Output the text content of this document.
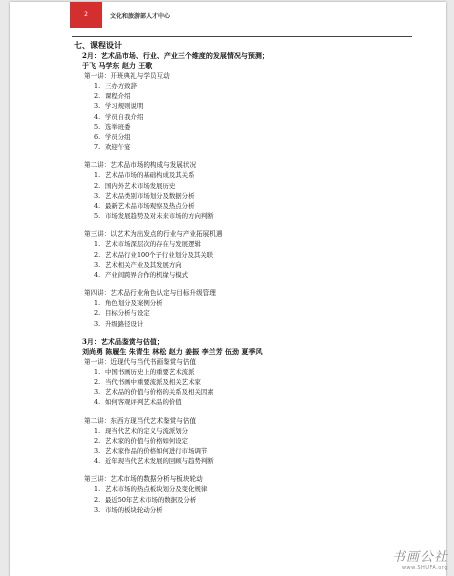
2	文化和旅游部人才中心

七、课程设计

2月：艺术品市场、行业、产业三个维度的发展情况与预测；

于飞 马学东 赵力 王歌

第一讲：开班典礼与学员互动

1. 三办方致辞
2. 课程介绍
3. 学习规则说明
4. 学员自我介绍
5. 选举班委
6. 学员分组
7. 欢迎午宴

第二讲：艺术品市场的构成与发展状况

1. 艺术品市场的基础构成及其关系
2. 国内外艺术市场发展历史
3. 艺术品类别市场划分及数据分析
4. 最新艺术品市场观察及热点分析
5. 市场发展趋势及对未来市场的方向判断

第三讲：以艺术为出发点的行业与产业拓展机遇

1. 艺术市场深层次的存在与发展逻辑
2. 艺术品行业100个子行业划分及其关联
3. 艺术相关产业及其发展方向
4. 产业间跨界合作的机缘与模式

第四讲：艺术品行业角色认定与目标升级管理

1. 角色划分及案例分析
2. 目标分析与设定
3. 升级路径设计

3月：艺术品鉴赏与估值；

刘尚勇 陈履生 朱青生 林松 赵力 姜振 李兰芳 伍劲 夏季风

第一讲：近现代与当代书画鉴赏与估值

1. 中国书画历史上的重要艺术流派
2. 当代书画中重要流派及相关艺术家
3. 艺术品的价值与价格的关系及相关因素
4. 如何客观评判艺术品的价值

第二讲：东西方现当代艺术鉴赏与估值

1. 现当代艺术的定义与流派划分
2. 艺术家的价值与价格如何设定
3. 艺术家作品的价格如何进行市场调节
4. 近年现当代艺术发展的回顾与趋势判断

第三讲：艺术市场的数据分析与板块轮动

1. 艺术市场的热点板块划分及变化规律
2. 最近50年艺术市场的数据及分析
3. 市场的板块轮动分析
书画公社
www.SHUFA.org
